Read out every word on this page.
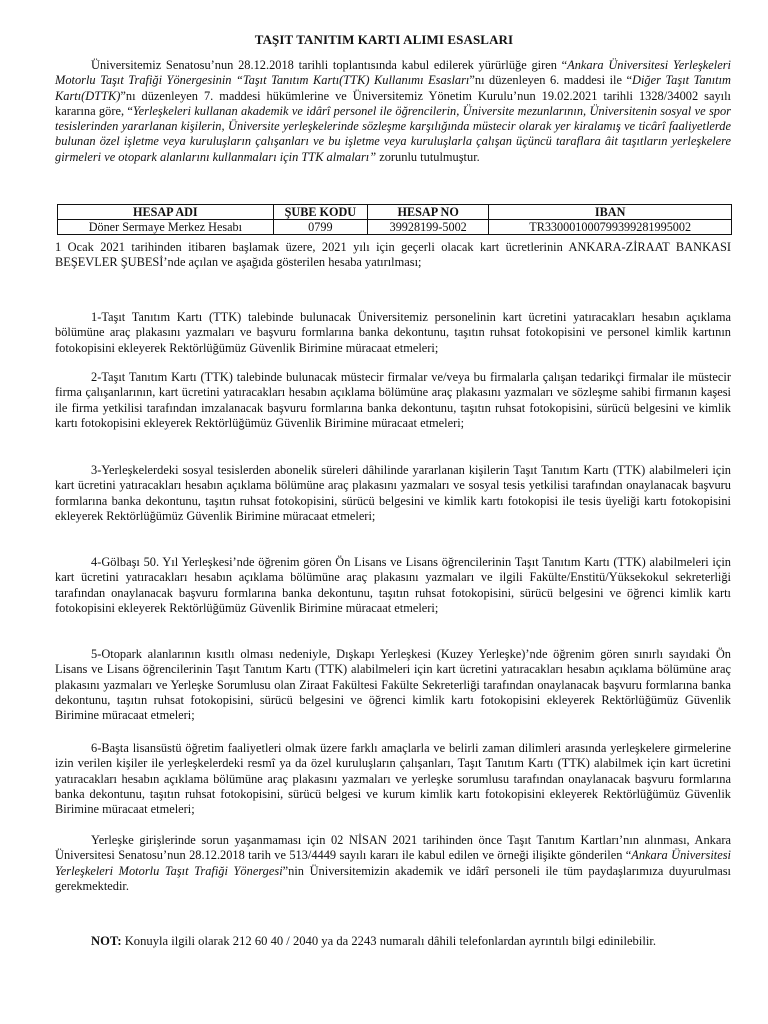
TAŞIT TANITIM KARTI ALIMI ESASLARI
Üniversitemiz Senatosu’nun 28.12.2018 tarihli toplantısında kabul edilerek yürürlüğe giren “Ankara Üniversitesi Yerleşkeleri Motorlu Taşıt Trafiği Yönergesinin “Taşıt Tanıtım Kartı(TTK) Kullanımı Esasları”nı düzenleyen 6. maddesi ile “Diğer Taşıt Tanıtım Kartı(DTTK)”nı düzenleyen 7. maddesi hükümlerine ve Üniversitemiz Yönetim Kurulu’nun 19.02.2021 tarihli 1328/34002 sayılı kararına göre, “Yerleşkeleri kullanan akademik ve idârî personel ile öğrencilerin, Üniversite mezunlarının, Üniversitenin sosyal ve spor tesislerinden yararlanan kişilerin, Üniversite yerleşkelerinde sözleşme karşılığında müstecir olarak yer kiralamış ve ticârî faaliyetlerde bulunan özel işletme veya kuruluşların çalışanları ve bu işletme veya kuruluşlarla çalışan üçüncü taraflara âit taşıtların yerleşkelere girmeleri ve otopark alanlarını kullanmaları için TTK almaları” zorunlu tutulmuştur.
HESAP ADI	ŞUBE KODU	HESAP NO	IBAN
Döner Sermaye Merkez Hesabı	0799	39928199-5002	TR330001000799399281995002
1 Ocak 2021 tarihinden itibaren başlamak üzere, 2021 yılı için geçerli olacak kart ücretlerinin ANKARA-ZİRAAT BANKASI BEŞEVLER ŞUBESİ’nde açılan ve aşağıda gösterilen hesaba yatırılması;
1-Taşıt Tanıtım Kartı (TTK) talebinde bulunacak Üniversitemiz personelinin kart ücretini yatıracakları hesabın açıklama bölümüne araç plakasını yazmaları ve başvuru formlarına banka dekontunu, taşıtın ruhsat fotokopisini ve personel kimlik kartının fotokopisini ekleyerek Rektörlüğümüz Güvenlik Birimine müracaat etmeleri;
2-Taşıt Tanıtım Kartı (TTK) talebinde bulunacak müstecir firmalar ve/veya bu firmalarla çalışan tedarikçi firmalar ile müstecir firma çalışanlarının, kart ücretini yatıracakları hesabın açıklama bölümüne araç plakasını yazmaları ve sözleşme sahibi firmanın kaşesi ile firma yetkilisi tarafından imzalanacak başvuru formlarına banka dekontunu, taşıtın ruhsat fotokopisini, sürücü belgesini ve kimlik kartı fotokopisini ekleyerek Rektörlüğümüz Güvenlik Birimine müracaat etmeleri;
3-Yerleşkelerdeki sosyal tesislerden abonelik süreleri dâhilinde yararlanan kişilerin Taşıt Tanıtım Kartı (TTK) alabilmeleri için kart ücretini yatıracakları hesabın açıklama bölümüne araç plakasını yazmaları ve sosyal tesis yetkilisi tarafından onaylanacak başvuru formlarına banka dekontunu, taşıtın ruhsat fotokopisini, sürücü belgesini ve kimlik kartı fotokopisi ile tesis üyeliği kartı fotokopisini ekleyerek Rektörlüğümüz Güvenlik Birimine müracaat etmeleri;
4-Gölbaşı 50. Yıl Yerleşkesi’nde öğrenim gören Ön Lisans ve Lisans öğrencilerinin Taşıt Tanıtım Kartı (TTK) alabilmeleri için kart ücretini yatıracakları hesabın açıklama bölümüne araç plakasını yazmaları ve ilgili Fakülte/Enstitü/Yüksekokul sekreterliği tarafından onaylanacak başvuru formlarına banka dekontunu, taşıtın ruhsat fotokopisini, sürücü belgesini ve öğrenci kimlik kartı fotokopisini ekleyerek Rektörlüğümüz Güvenlik Birimine müracaat etmeleri;
5-Otopark alanlarının kısıtlı olması nedeniyle, Dışkapı Yerleşkesi (Kuzey Yerleşke)’nde öğrenim gören sınırlı sayıdaki Ön Lisans ve Lisans öğrencilerinin Taşıt Tanıtım Kartı (TTK) alabilmeleri için kart ücretini yatıracakları hesabın açıklama bölümüne araç plakasını yazmaları ve Yerleşke Sorumlusu olan Ziraat Fakültesi Fakülte Sekreterliği tarafından onaylanacak başvuru formlarına banka dekontunu, taşıtın ruhsat fotokopisini, sürücü belgesini ve öğrenci kimlik kartı fotokopisini ekleyerek Rektörlüğümüz Güvenlik Birimine müracaat etmeleri;
6-Başta lisansüstü öğretim faaliyetleri olmak üzere farklı amaçlarla ve belirli zaman dilimleri arasında yerleşkelere girmelerine izin verilen kişiler ile yerleşkelerdeki resmî ya da özel kuruluşların çalışanları, Taşıt Tanıtım Kartı (TTK) alabilmek için kart ücretini yatıracakları hesabın açıklama bölümüne araç plakasını yazmaları ve yerleşke sorumlusu tarafından onaylanacak başvuru formlarına banka dekontunu, taşıtın ruhsat fotokopisini, sürücü belgesi ve kurum kimlik kartı fotokopisini ekleyerek Rektörlüğümüz Güvenlik Birimine müracaat etmeleri;
Yerleşke girişlerinde sorun yaşanmaması için 02 NİSAN 2021 tarihinden önce Taşıt Tanıtım Kartları’nın alınması, Ankara Üniversitesi Senatosu’nun 28.12.2018 tarih ve 513/4449 sayılı kararı ile kabul edilen ve örneği ilişikte gönderilen “Ankara Üniversitesi Yerleşkeleri Motorlu Taşıt Trafiği Yönergesi”nin Üniversitemizin akademik ve idârî personeli ile tüm paydaşlarımıza duyurulması gerekmektedir.
NOT: Konuyla ilgili olarak 212 60 40 / 2040 ya da 2243 numaralı dâhili telefonlardan ayrıntılı bilgi edinilebilir.
